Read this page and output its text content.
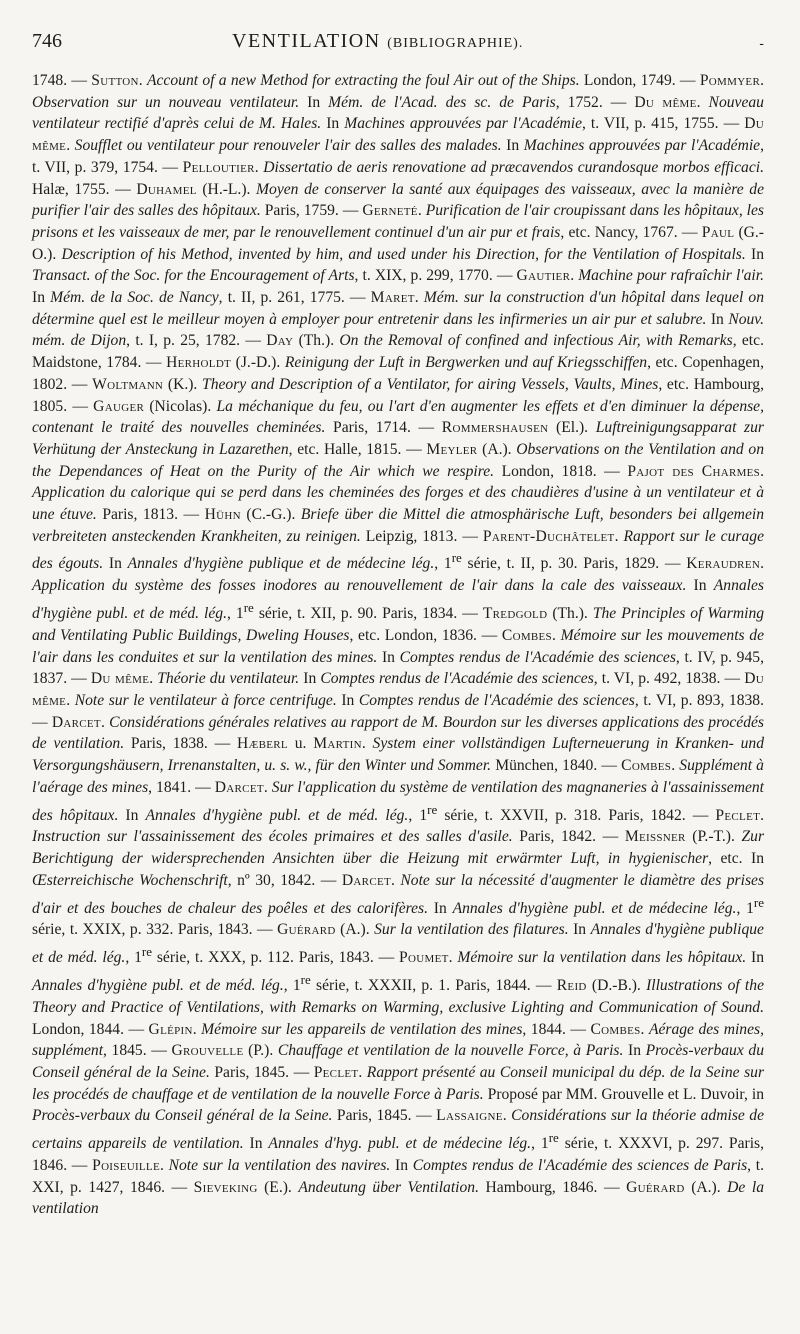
746	VENTILATION (BIBLIOGRAPHIE).	-
1748. — Sutton. Account of a new Method for extracting the foul Air out of the Ships. London, 1749. — Pommyer. Observation sur un nouveau ventilateur. In Mém. de l'Acad. des sc. de Paris, 1752. — Du même. Nouveau ventilateur rectifié d'après celui de M. Hales. In Machines approuvées par l'Académie, t. VII, p. 415, 1755. — Du même. Soufflet ou ventilateur pour renouveler l'air des salles des malades. In Machines approuvées par l'Académie, t. VII, p. 379, 1754. — Pelloutier. Dissertatio de aeris renovatione ad præcavendos curandosque morbos efficaci. Halæ, 1755. — Duhamel (H.-L.). Moyen de conserver la santé aux équipages des vaisseaux, avec la manière de purifier l'air des salles des hôpitaux. Paris, 1759. — Gerneté. Purification de l'air croupissant dans les hôpitaux, les prisons et les vaisseaux de mer, par le renouvellement continuel d'un air pur et frais, etc. Nancy, 1767. — Paul (G.-O.). Description of his Method, invented by him, and used under his Direction, for the Ventilation of Hospitals. In Transact. of the Soc. for the Encouragement of Arts, t. XIX, p. 299, 1770. — Gautier. Machine pour rafraîchir l'air. In Mém. de la Soc. de Nancy, t. II, p. 261, 1775. — Maret. Mém. sur la construction d'un hôpital dans lequel on détermine quel est le meilleur moyen à employer pour entretenir dans les infirmeries un air pur et salubre. In Nouv. mém. de Dijon, t. I, p. 25, 1782. — Day (Th.). On the Removal of confined and infectious Air, with Remarks, etc. Maidstone, 1784. — Herholdt (J.-D.). Reinigung der Luft in Bergwerken und auf Kriegsschiffen, etc. Copenhagen, 1802. — Woltmann (K.). Theory and Description of a Ventilator, for airing Vessels, Vaults, Mines, etc. Hambourg, 1805. — Gauger (Nicolas). La méchanique du feu, ou l'art d'en augmenter les effets et d'en diminuer la dépense, contenant le traité des nouvelles cheminées. Paris, 1714. — Rommershausen (El.). Luftreinigungsapparat zur Verhütung der Ansteckung in Lazarethen, etc. Halle, 1815. — Meyler (A.). Observations on the Ventilation and on the Dependances of Heat on the Purity of the Air which we respire. London, 1818. — Pajot des Charmes. Application du calorique qui se perd dans les cheminées des forges et des chaudières d'usine à un ventilateur et à une étuve. Paris, 1813. — Hühn (C.-G.). Briefe über die Mittel die atmosphärische Luft, besonders bei allgemein verbreiteten ansteckenden Krankheiten, zu reinigen. Leipzig, 1813. — Parent-Duchâtelet. Rapport sur le curage des égouts. In Annales d'hygiène publique et de médecine lég., 1re série, t. II, p. 30. Paris, 1829. — Keraudren. Application du système des fosses inodores au renouvellement de l'air dans la cale des vaisseaux. In Annales d'hygiène publ. et de méd. lég., 1re série, t. XII, p. 90. Paris, 1834. — Tredgold (Th.). The Principles of Warming and Ventilating Public Buildings, Dweling Houses, etc. London, 1836. — Combes. Mémoire sur les mouvements de l'air dans les conduites et sur la ventilation des mines. In Comptes rendus de l'Académie des sciences, t. IV, p. 945, 1837. — Du même. Théorie du ventilateur. In Comptes rendus de l'Académie des sciences, t. VI, p. 492, 1838. — Du même. Note sur le ventilateur à force centrifuge. In Comptes rendus de l'Académie des sciences, t. VI, p. 893, 1838. — Darcet. Considérations générales relatives au rapport de M. Bourdon sur les diverses applications des procédés de ventilation. Paris, 1838. — Hæberl u. Martin. System einer vollständigen Lufterneuerung in Kranken- und Versorgungshäusern, Irrenanstalten, u. s. w., für den Winter und Sommer. München, 1840. — Combes. Supplément à l'aérage des mines, 1841. — Darcet. Sur l'application du système de ventilation des magnaneries à l'assainissement des hôpitaux. In Annales d'hygiène publ. et de méd. lég., 1re série, t. XXVII, p. 318. Paris, 1842. — Peclet. Instruction sur l'assainissement des écoles primaires et des salles d'asile. Paris, 1842. — Meissner (P.-T.). Zur Berichtigung der widersprechenden Ansichten über die Heizung mit erwärmter Luft, in hygienischer, etc. In Œsterreichische Wochenschrift, nº 30, 1842. — Darcet. Note sur la nécessité d'augmenter le diamètre des prises d'air et des bouches de chaleur des poêles et des calorifères. In Annales d'hygiène publ. et de médecine lég., 1re série, t. XXIX, p. 332. Paris, 1843. — Guérard (A.). Sur la ventilation des filatures. In Annales d'hygiène publique et de méd. lég., 1re série, t. XXX, p. 112. Paris, 1843. — Poumet. Mémoire sur la ventilation dans les hôpitaux. In Annales d'hygiène publ. et de méd. lég., 1re série, t. XXXII, p. 1. Paris, 1844. — Reid (D.-B.). Illustrations of the Theory and Practice of Ventilations, with Remarks on Warming, exclusive Lighting and Communication of Sound. London, 1844. — Glépin. Mémoire sur les appareils de ventilation des mines, 1844. — Combes. Aérage des mines, supplément, 1845. — Grouvelle (P.). Chauffage et ventilation de la nouvelle Force, à Paris. In Procès-verbaux du Conseil général de la Seine. Paris, 1845. — Peclet. Rapport présenté au Conseil municipal du dép. de la Seine sur les procédés de chauffage et de ventilation de la nouvelle Force à Paris. Proposé par MM. Grouvelle et L. Duvoir, in Procès-verbaux du Conseil général de la Seine. Paris, 1845. — Lassaigne. Considérations sur la théorie admise de certains appareils de ventilation. In Annales d'hyg. publ. et de médecine lég., 1re série, t. XXXVI, p. 297. Paris, 1846. — Poiseuille. Note sur la ventilation des navires. In Comptes rendus de l'Académie des sciences de Paris, t. XXI, p. 1427, 1846. — Sieveking (E.). Andeutung über Ventilation. Hambourg, 1846. — Guérard (A.). De la ventilation
